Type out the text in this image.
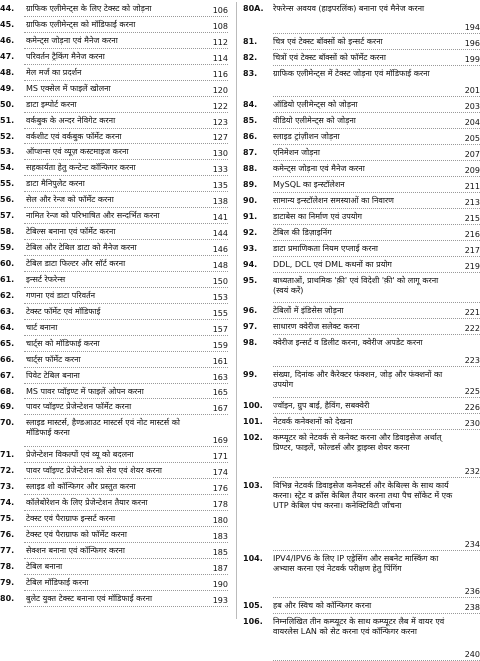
44.	ग्राफिक एलीमेन्ट्स के लिए टेक्स्ट को जोड़ना	106
45.	ग्राफिक एलीमेन्ट्स को मॉडिफाई करना	108
46.	कमेन्ट्स जोड़ना एवं मैनेज करना	112
47.	परिवर्तन ट्रैकिंग मैनेज करना	114
48.	मेल मर्ज का प्रदर्शन	116
49.	MS एक्सेल में फाइलें खोलना	120
50.	डाटा इम्पोर्ट करना	122
51.	वर्कबुक के अन्दर नेविगेट करना	123
52.	वर्कशीट एवं वर्कबुक फॉर्मेट करना	127
53.	ऑप्शन्स एवं व्यूज़ कस्टमाइज करना	130
54.	सहकार्यता हेतु कन्टेन्ट कॉन्फिगर करना	133
55.	डाटा मैनिपुलेट करना	135
56.	सेल और रेन्ज को फॉर्मेट करना	138
57.	नामित रेन्ज को परिभाषित और सन्दर्भित करना	141
58.	टेबिल्स बनाना एवं फॉर्मेट करना	144
59.	टेबिल और टेबिल डाटा को मैनेज करना	146
60.	टेबिल डाटा फिल्टर और सॉर्ट करना	148
61.	इन्सर्ट रेफरेन्स	150
62.	गणना एवं डाटा परिवर्तन	153
63.	टेक्स्ट फॉर्मेट एवं मॉडिफाई	155
64.	चार्ट बनाना	157
65.	चार्ट्स को मॉडिफाई करना	159
66.	चार्ट्स फॉर्मेट करना	161
67.	पिवेट टेबिल बनाना	163
68.	MS पावर प्वॉइण्ट में फाइलें ओपन करना	165
69.	पावर प्वॉइण्ट प्रेजेन्टेशन फॉर्मेट करना	167
70.	स्लाइड मास्टर्स, हैण्डआउट मास्टर्स एवं नोट मास्टर्स को मॉडिफाई करना
169
71.	प्रेजेन्टेशन विकल्पों एवं व्यू को बदलना	171
72.	पावर प्वॉइण्ट प्रेजेन्टेशन को सेव एवं शेयर करना	174
73.	स्लाइड शो कॉन्फिगर और प्रस्तुत करना	176
74.	कॉलेबोरेशन के लिए प्रेजेन्टेशन तैयार करना	178
75.	टेक्स्ट एवं पैराग्राफ इन्सर्ट करना	180
76.	टेक्स्ट एवं पैराग्राफ को फॉर्मेट करना	183
77.	सेक्शन बनाना एवं कॉन्फिगर करना	185
78.	टेबिल बनाना	187
79.	टेबिल मॉडिफाई करना	190
80.	बुलेट युक्त टेक्स्ट बनाना एवं मॉडिफाई करना	193
80A.	रेफरेन्स अवयव (हाइपरलिंक) बनाना एवं मैनेज करना
194
81.	चित्र एवं टेक्स्ट बॉक्सों को इन्सर्ट करना	196
82.	चित्रों एवं टेक्स्ट बॉक्सों को फॉर्मेट करना	199
83.	ग्राफिक एलीमेन्ट्स में टेक्स्ट जोड़ना एवं मॉडिफाई करना
201
84.	ऑडियो एलीमेन्ट्स को जोड़ना	203
85.	वीडियो एलीमेन्ट्स को जोड़ना	204
86.	स्लाइड ट्रांज़ीशन जोड़ना	205
87.	एनिमेशन जोड़ना	207
88.	कमेन्ट्स जोड़ना एवं मैनेज करना	209
89.	MySQL का इन्स्टॉलेशन	211
90.	सामान्य इन्स्टॉलेशन समस्याओं का निवारण	213
91.	डाटाबेस का निर्माण एवं उपयोग	215
92.	टेबिल की डिज़ाइनिंग	216
93.	डाटा प्रमाणिकता नियम एप्लाई करना	217
94.	DDL, DCL एवं DML कथनों का प्रयोग	219
95.	बाध्यताओं, प्राथमिक 'क़ी' एवं विदेशी 'क़ी' को लागू करना (स्वयं करें)
96.	टेबिलों में इंडिसेस जोड़ना	221
97.	साधारण क्वेरीज सलेक्ट करना	222
98.	क्वेरीज इन्सर्ट व डिलीट करना, क्वेरीज अपडेट करना
223
99.	संख्या, दिनांक और कैरेक्टर फंक्शन, जोड़ और फंक्शनों का उपयोग
225
100.	ज्वॉइन, ग्रुप बाई, हैविंग, सबक्वेरी	226
101.	नेटवर्क कनेक्शनों को देखना	230
102.	कम्प्यूटर को नेटवर्क से कनेक्ट करना और डिवाइसेज अर्थात् प्रिण्टर, फाइलें, फोल्डर्स और ड्राइव्स शेयर करना
232
103.	विभिन्न नेटवर्क डिवाइसेज कनेक्टर्स और केबिल्स के साथ कार्य करना। स्ट्रेट व क्रॉस केबिल तैयार करना तथा पैच सॉकेट में एक UTP केबिल पंच करना। कनेक्टिविटी जाँचना
234
104.	IPV4/IPV6 के लिए IP एड्रेसिंग और सबनेट मास्किंग का अभ्यास करना एवं नेटवर्क परीक्षण हेतु पिंगिंग
236
105.	हब और स्विच को कॉन्फिगर करना	238
106.	निम्नलिखित तीन कम्प्यूटर के साथ कम्प्यूटर लैब में वायर एवं वायरलेस LAN को सेट करना एवं कॉन्फिगर करना
240
